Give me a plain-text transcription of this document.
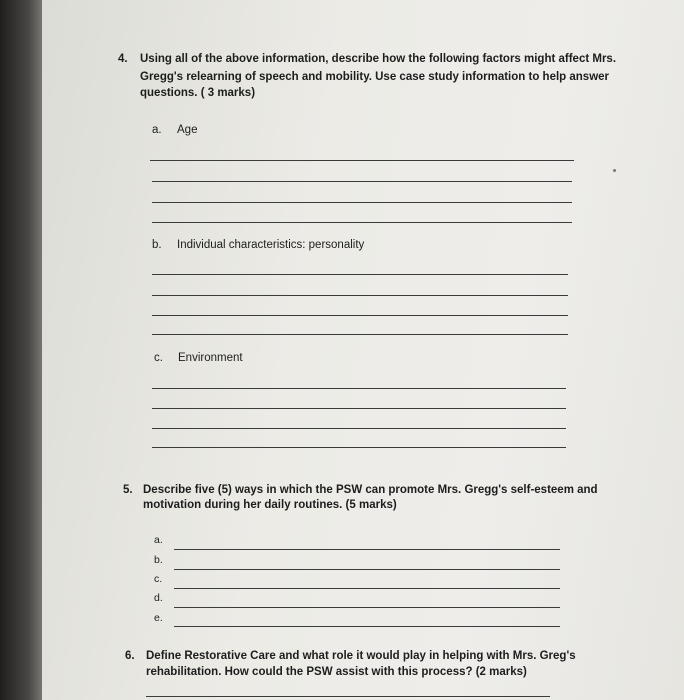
4. Using all of the above information, describe how the following factors might affect Mrs.
Gregg's relearning of speech and mobility. Use case study information to help answer
questions. ( 3 marks)
a. Age
b. Individual characteristics: personality
c. Environment
5. Describe five (5) ways in which the PSW can promote Mrs. Gregg's self-esteem and
motivation during her daily routines. (5 marks)
a.
b.
c.
d.
e.
6. Define Restorative Care and what role it would play in helping with Mrs. Greg's
rehabilitation. How could the PSW assist with this process? (2 marks)
